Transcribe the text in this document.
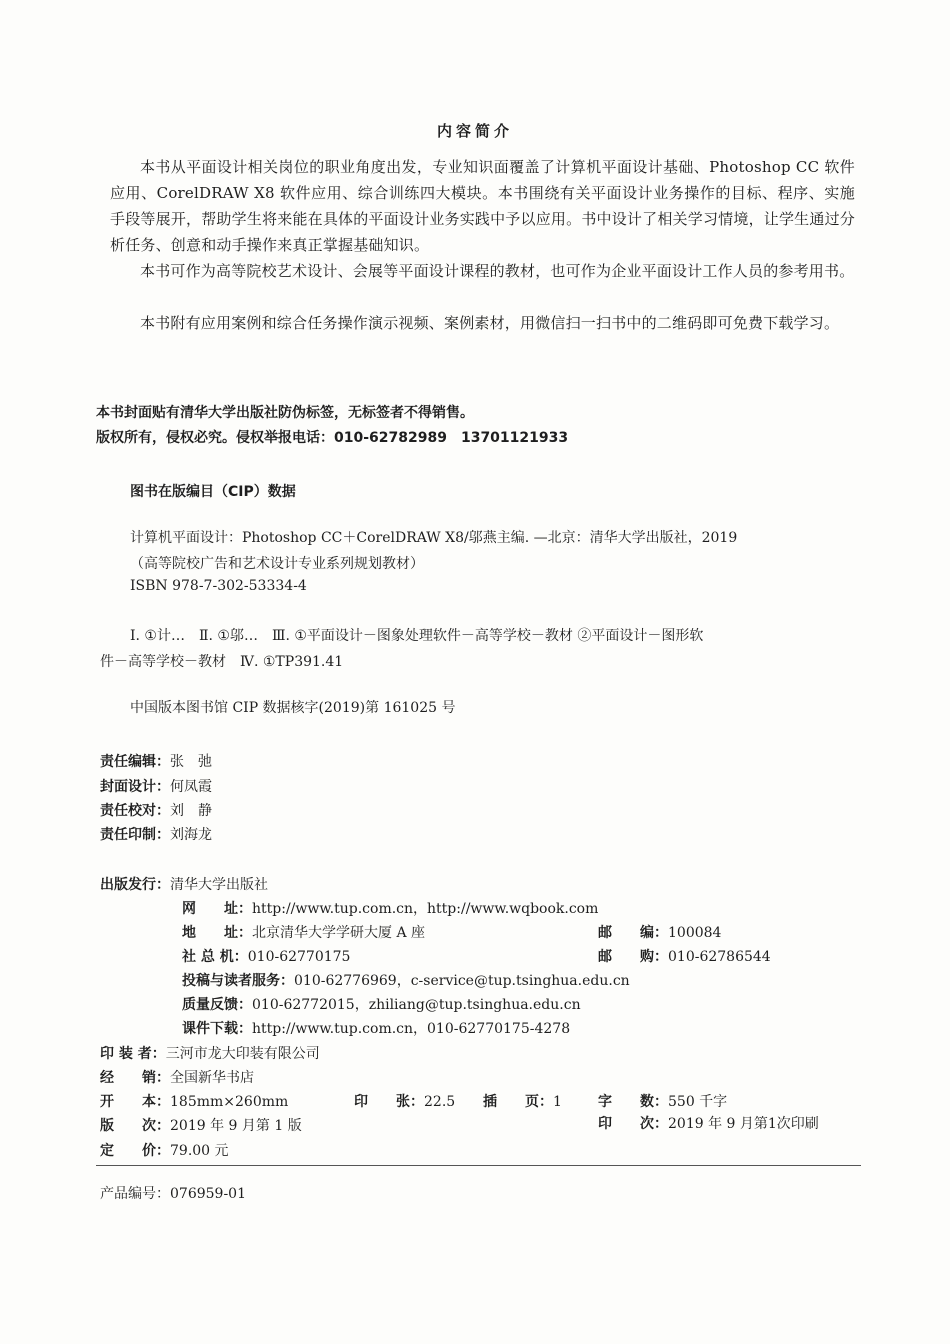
内容简介
本书从平面设计相关岗位的职业角度出发，专业知识面覆盖了计算机平面设计基础、Photoshop CC 软件应用、CorelDRAW X8 软件应用、综合训练四大模块。本书围绕有关平面设计业务操作的目标、程序、实施手段等展开，帮助学生将来能在具体的平面设计业务实践中予以应用。书中设计了相关学习情境，让学生通过分析任务、创意和动手操作来真正掌握基础知识。
本书可作为高等院校艺术设计、会展等平面设计课程的教材，也可作为企业平面设计工作人员的参考用书。
本书附有应用案例和综合任务操作演示视频、案例素材，用微信扫一扫书中的二维码即可免费下载学习。
本书封面贴有清华大学出版社防伪标签，无标签者不得销售。
版权所有，侵权必究。侵权举报电话：010-62782989　13701121933
图书在版编目（CIP）数据
计算机平面设计：Photoshop CC＋CorelDRAW X8/邬燕主编. —北京：清华大学出版社，2019
（高等院校广告和艺术设计专业系列规划教材）
ISBN 978-7-302-53334-4
Ⅰ. ①计…　Ⅱ. ①邬…　Ⅲ. ①平面设计－图象处理软件－高等学校－教材 ②平面设计－图形软
件－高等学校－教材　Ⅳ. ①TP391.41
中国版本图书馆 CIP 数据核字(2019)第 161025 号
责任编辑：张　弛
封面设计：何凤霞
责任校对：刘　静
责任印制：刘海龙
出版发行：清华大学出版社
网　　址：http://www.tup.com.cn，http://www.wqbook.com
地　　址：北京清华大学学研大厦 A 座	邮　　编：100084
社 总 机：010-62770175	邮　　购：010-62786544
投稿与读者服务：010-62776969，c-service@tup.tsinghua.edu.cn
质量反馈：010-62772015，zhiliang@tup.tsinghua.edu.cn
课件下载：http://www.tup.com.cn，010-62770175-4278
印 装 者：三河市龙大印装有限公司
经　　销：全国新华书店
开　　本：185mm×260mm	印　　张：22.5 插　　页：1	字　　数：550 千字
版　　次：2019 年 9 月第 1 版	印　　次：2019 年 9 月第1次印刷
定　　价：79.00 元
产品编号：076959-01
